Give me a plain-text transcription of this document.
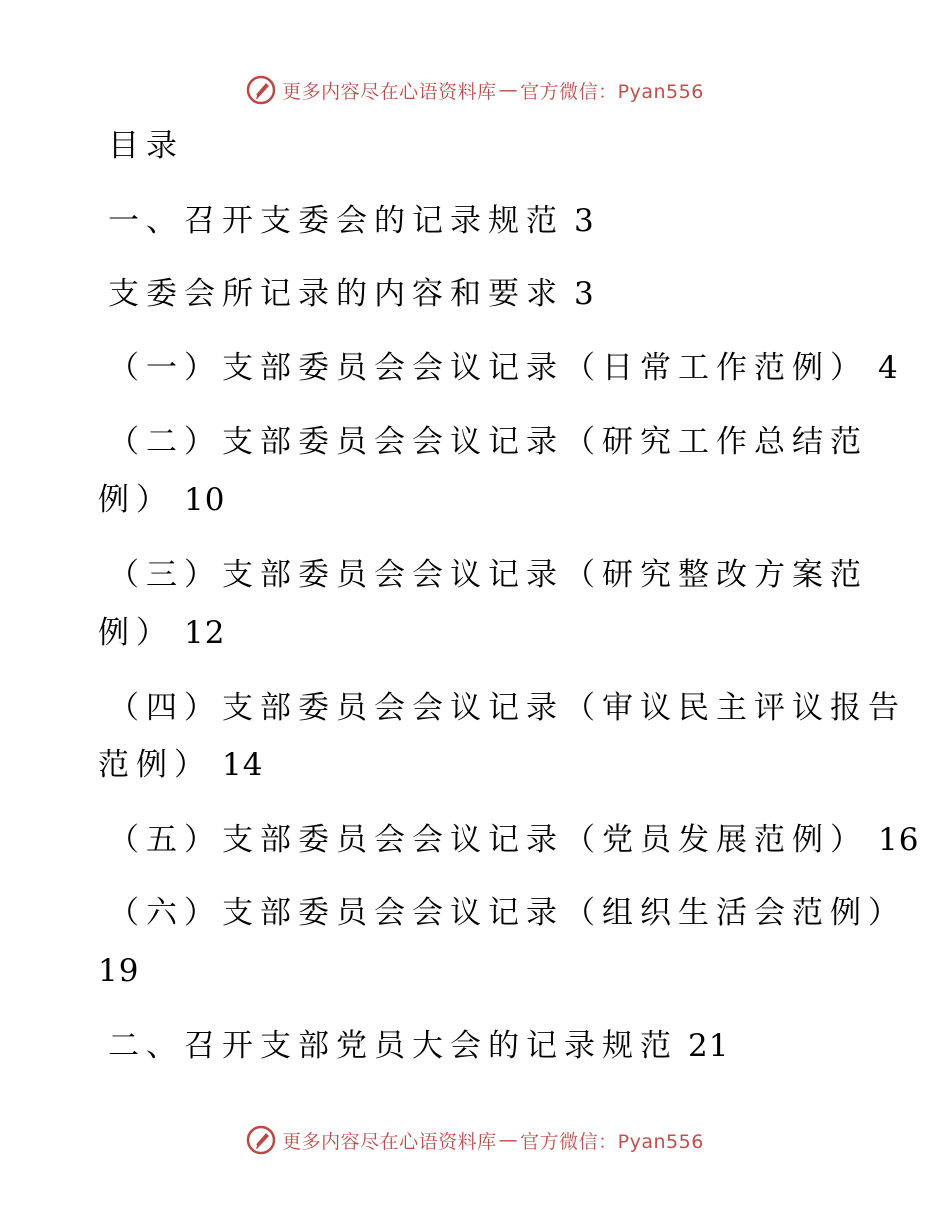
更多内容尽在心语资料库 — 官方微信：Pyan556
目录
一、召开支委会的记录规范 3
支委会所记录的内容和要求 3
（一）支部委员会会议记录（日常工作范例） 4
（二）支部委员会会议记录（研究工作总结范
例） 10
（三）支部委员会会议记录（研究整改方案范
例） 12
（四）支部委员会会议记录（审议民主评议报告
范例） 14
（五）支部委员会会议记录（党员发展范例） 16
（六）支部委员会会议记录（组织生活会范例）
19
二、召开支部党员大会的记录规范 21
更多内容尽在心语资料库 — 官方微信：Pyan556
